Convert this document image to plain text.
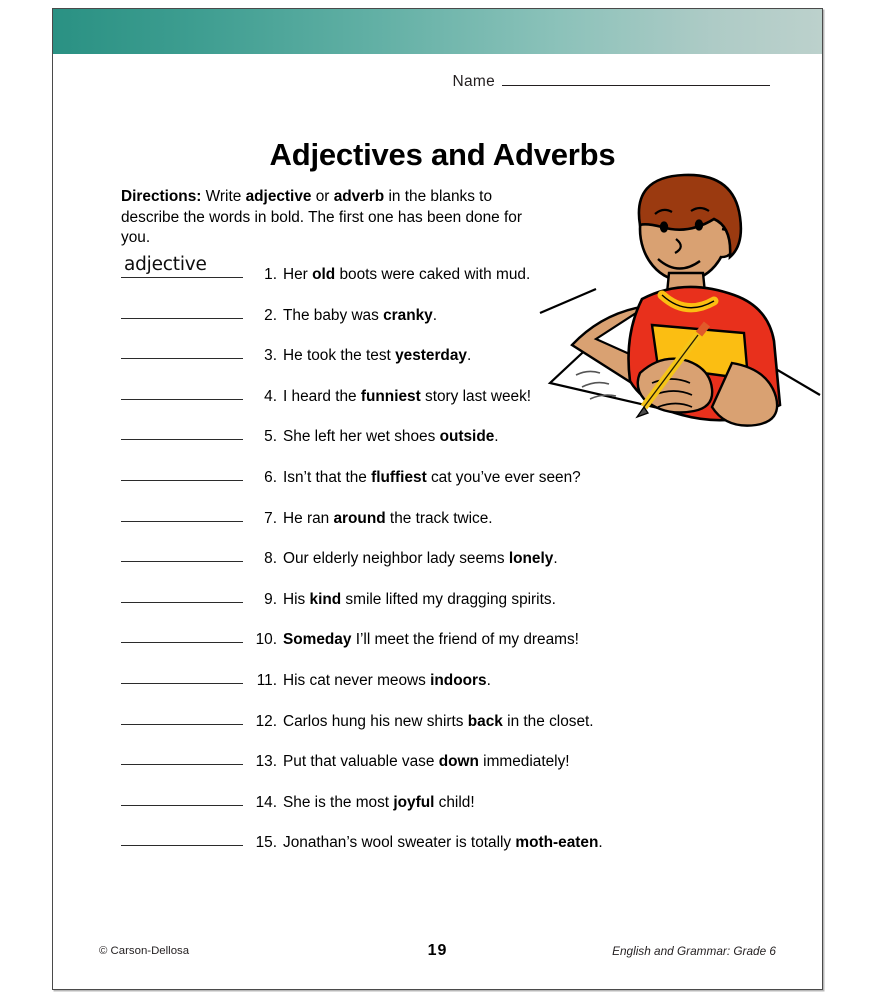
Name
Adjectives and Adverbs
Directions: Write adjective or adverb in the blanks to describe the words in bold. The first one has been done for you.
adjective	1. Her old boots were caked with mud.
2. The baby was cranky.
3. He took the test yesterday.
4. I heard the funniest story last week!
5. She left her wet shoes outside.
6. Isn’t that the fluffiest cat you’ve ever seen?
7. He ran around the track twice.
8. Our elderly neighbor lady seems lonely.
9. His kind smile lifted my dragging spirits.
10. Someday I’ll meet the friend of my dreams!
11. His cat never meows indoors.
12. Carlos hung his new shirts back in the closet.
13. Put that valuable vase down immediately!
14. She is the most joyful child!
15. Jonathan’s wool sweater is totally moth-eaten.
© Carson-Dellosa	19	English and Grammar: Grade 6
